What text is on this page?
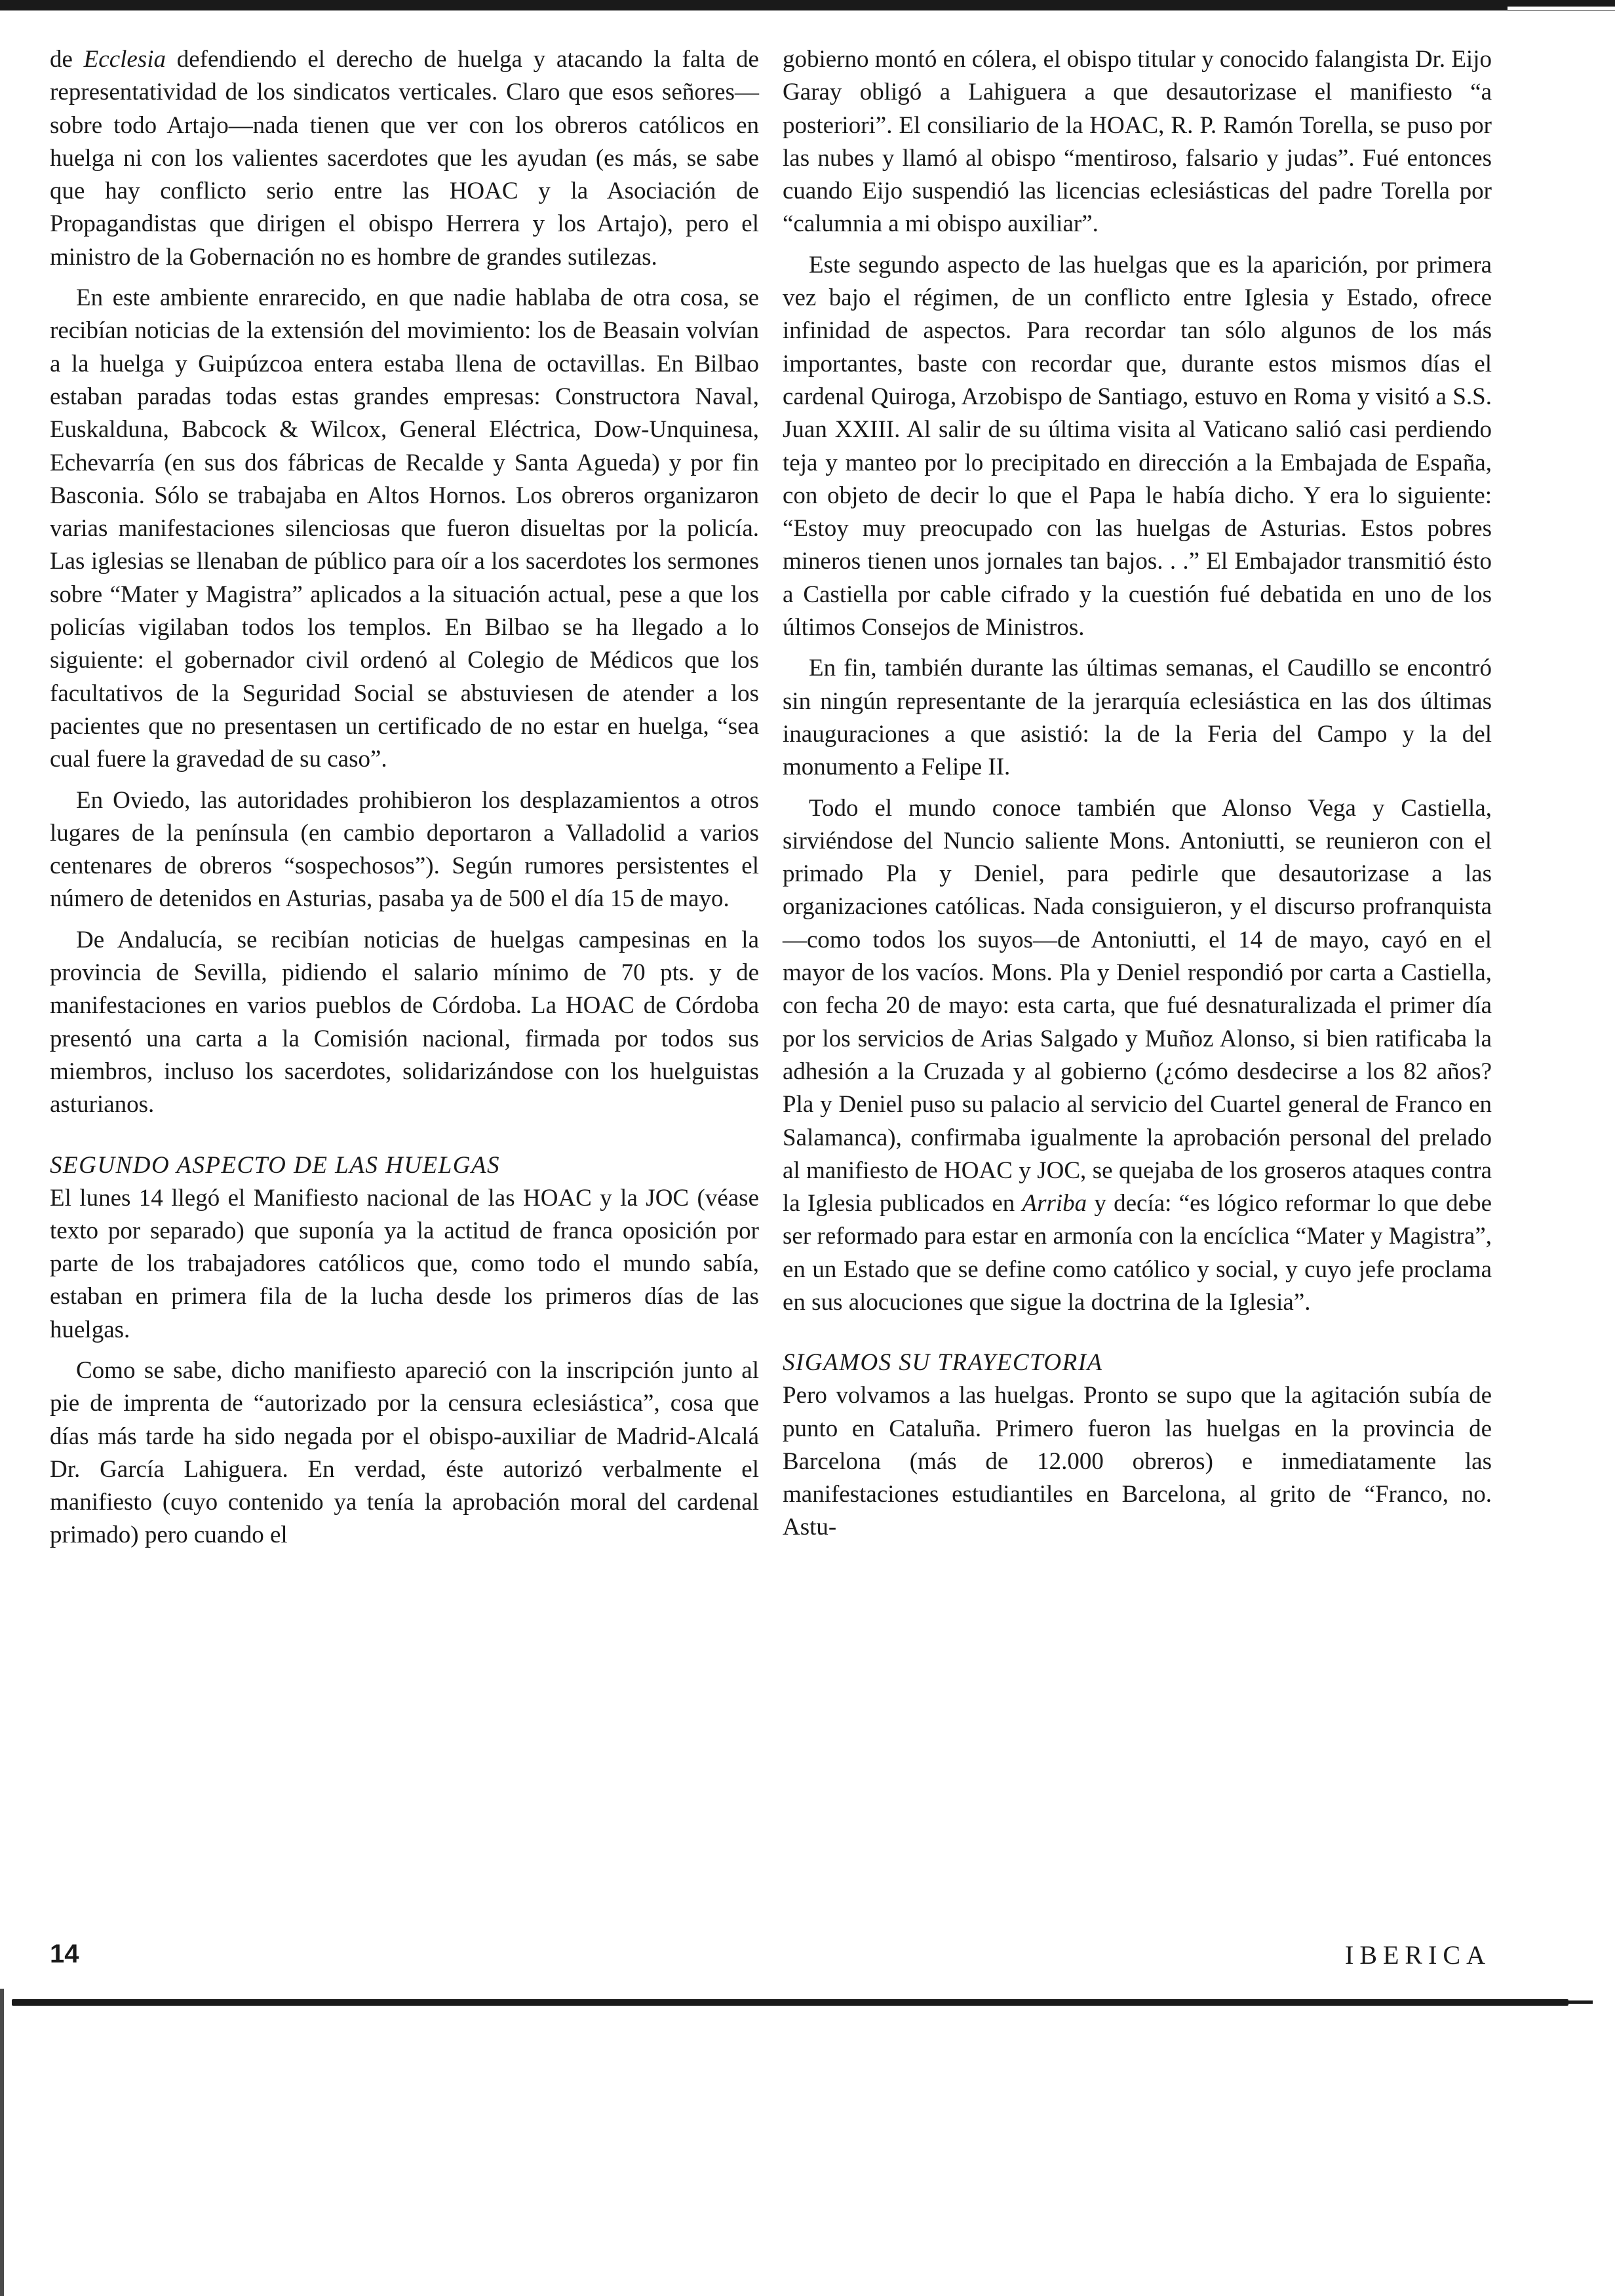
de Ecclesia defendiendo el derecho de huelga y atacando la falta de representatividad de los sindicatos verticales. Claro que esos señores—sobre todo Artajo—nada tienen que ver con los obreros católicos en huelga ni con los valientes sacerdotes que les ayudan (es más, se sabe que hay conflicto serio entre las HOAC y la Asociación de Propagandistas que dirigen el obispo Herrera y los Artajo), pero el ministro de la Gobernación no es hombre de grandes sutilezas.

En este ambiente enrarecido, en que nadie hablaba de otra cosa, se recibían noticias de la extensión del movimiento: los de Beasain volvían a la huelga y Guipúzcoa entera estaba llena de octavillas. En Bilbao estaban paradas todas estas grandes empresas: Constructora Naval, Euskalduna, Babcock & Wilcox, General Eléctrica, Dow-Unquinesa, Echevarría (en sus dos fábricas de Recalde y Santa Agueda) y por fin Basconia. Sólo se trabajaba en Altos Hornos. Los obreros organizaron varias manifestaciones silenciosas que fueron disueltas por la policía. Las iglesias se llenaban de público para oír a los sacerdotes los sermones sobre “Mater y Magistra” aplicados a la situación actual, pese a que los policías vigilaban todos los templos. En Bilbao se ha llegado a lo siguiente: el gobernador civil ordenó al Colegio de Médicos que los facultativos de la Seguridad Social se abstuviesen de atender a los pacientes que no presentasen un certificado de no estar en huelga, “sea cual fuere la gravedad de su caso”.

En Oviedo, las autoridades prohibieron los desplazamientos a otros lugares de la península (en cambio deportaron a Valladolid a varios centenares de obreros “sospechosos”). Según rumores persistentes el número de detenidos en Asturias, pasaba ya de 500 el día 15 de mayo.

De Andalucía, se recibían noticias de huelgas campesinas en la provincia de Sevilla, pidiendo el salario mínimo de 70 pts. y de manifestaciones en varios pueblos de Córdoba. La HOAC de Córdoba presentó una carta a la Comisión nacional, firmada por todos sus miembros, incluso los sacerdotes, solidarizándose con los huelguistas asturianos.

SEGUNDO ASPECTO DE LAS HUELGAS

El lunes 14 llegó el Manifiesto nacional de las HOAC y la JOC (véase texto por separado) que suponía ya la actitud de franca oposición por parte de los trabajadores católicos que, como todo el mundo sabía, estaban en primera fila de la lucha desde los primeros días de las huelgas.

Como se sabe, dicho manifiesto apareció con la inscripción junto al pie de imprenta de “autorizado por la censura eclesiástica”, cosa que días más tarde ha sido negada por el obispo-auxiliar de Madrid-Alcalá Dr. García Lahiguera. En verdad, éste autorizó verbalmente el manifiesto (cuyo contenido ya tenía la aprobación moral del cardenal primado) pero cuando el

gobierno montó en cólera, el obispo titular y conocido falangista Dr. Eijo Garay obligó a Lahiguera a que desautorizase el manifiesto “a posteriori”. El consiliario de la HOAC, R. P. Ramón Torella, se puso por las nubes y llamó al obispo “mentiroso, falsario y judas”. Fué entonces cuando Eijo suspendió las licencias eclesiásticas del padre Torella por “calumnia a mi obispo auxiliar”.

Este segundo aspecto de las huelgas que es la aparición, por primera vez bajo el régimen, de un conflicto entre Iglesia y Estado, ofrece infinidad de aspectos. Para recordar tan sólo algunos de los más importantes, baste con recordar que, durante estos mismos días el cardenal Quiroga, Arzobispo de Santiago, estuvo en Roma y visitó a S.S. Juan XXIII. Al salir de su última visita al Vaticano salió casi perdiendo teja y manteo por lo precipitado en dirección a la Embajada de España, con objeto de decir lo que el Papa le había dicho. Y era lo siguiente: “Estoy muy preocupado con las huelgas de Asturias. Estos pobres mineros tienen unos jornales tan bajos. . .” El Embajador transmitió ésto a Castiella por cable cifrado y la cuestión fué debatida en uno de los últimos Consejos de Ministros.

En fin, también durante las últimas semanas, el Caudillo se encontró sin ningún representante de la jerarquía eclesiástica en las dos últimas inauguraciones a que asistió: la de la Feria del Campo y la del monumento a Felipe II.

Todo el mundo conoce también que Alonso Vega y Castiella, sirviéndose del Nuncio saliente Mons. Antoniutti, se reunieron con el primado Pla y Deniel, para pedirle que desautorizase a las organizaciones católicas. Nada consiguieron, y el discurso profranquista—como todos los suyos—de Antoniutti, el 14 de mayo, cayó en el mayor de los vacíos. Mons. Pla y Deniel respondió por carta a Castiella, con fecha 20 de mayo: esta carta, que fué desnaturalizada el primer día por los servicios de Arias Salgado y Muñoz Alonso, si bien ratificaba la adhesión a la Cruzada y al gobierno (¿cómo desdecirse a los 82 años? Pla y Deniel puso su palacio al servicio del Cuartel general de Franco en Salamanca), confirmaba igualmente la aprobación personal del prelado al manifiesto de HOAC y JOC, se quejaba de los groseros ataques contra la Iglesia publicados en Arriba y decía: “es lógico reformar lo que debe ser reformado para estar en armonía con la encíclica “Mater y Magistra”, en un Estado que se define como católico y social, y cuyo jefe proclama en sus alocuciones que sigue la doctrina de la Iglesia”.

SIGAMOS SU TRAYECTORIA

Pero volvamos a las huelgas. Pronto se supo que la agitación subía de punto en Cataluña. Primero fueron las huelgas en la provincia de Barcelona (más de 12.000 obreros) e inmediatamente las manifestaciones estudiantiles en Barcelona, al grito de “Franco, no. Astu-

14	IBERICA
